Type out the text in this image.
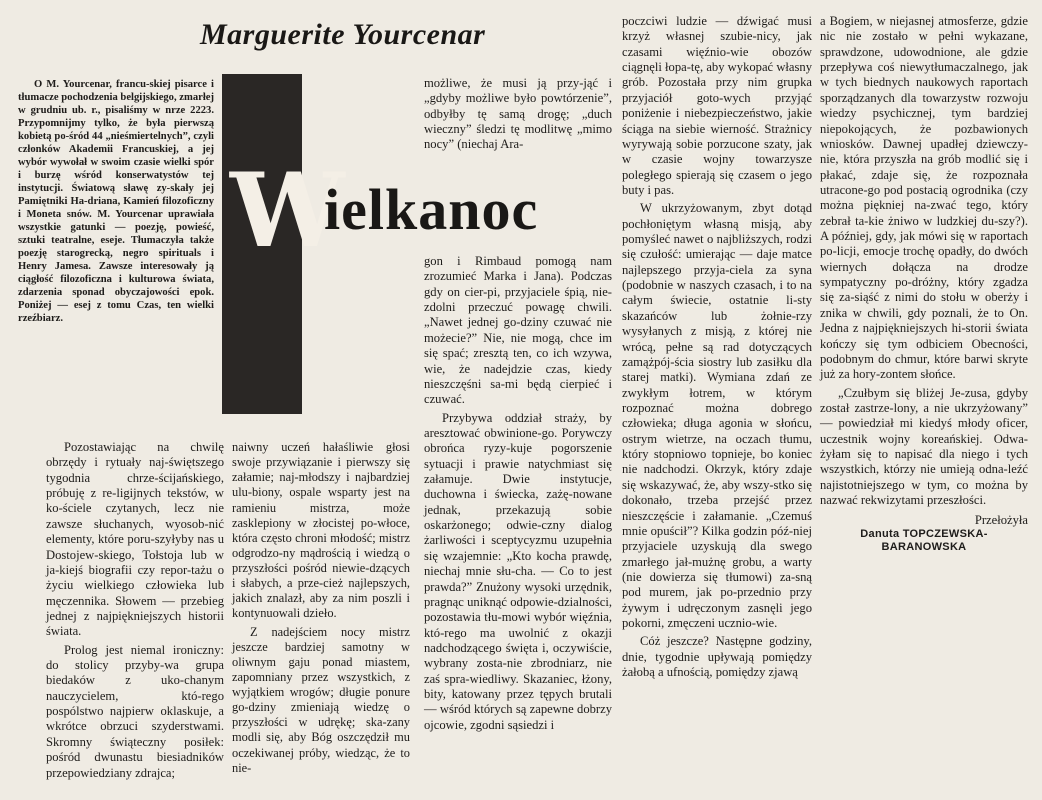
Marguerite Yourcenar

O M. Yourcenar, francu-skiej pisarce i tłumacze pochodzenia belgijskiego, zmarłej w grudniu ub. r., pisaliśmy w nrze 2223. Przypomnijmy tylko, że była pierwszą kobietą po-śród 44 „nieśmiertelnych”, czyli członków Akademii Francuskiej, a jej wybór wywołał w swoim czasie wielki spór i burzę wśród konserwatystów tej instytucji. Światową sławę zy-skały jej Pamiętniki Ha-driana, Kamień filozoficzny i Moneta snów. M. Yourcenar uprawiała wszystkie gatunki — poezję, powieść, sztuki teatralne, eseje. Tłumaczyła także poezję starogrecką, negro spirituals i Henry Jamesa. Zawsze interesowały ją ciągłość filozoficzna i kulturowa świata, zdarzenia sponad obyczajowości epok. Poniżej — esej z tomu Czas, ten wielki rzeźbiarz.

W
ielkanoc

Pozostawiając na chwilę obrzędy i rytuały naj-świętszego tygodnia chrze-ścijańskiego, próbuję z re-ligijnych tekstów, w ko-ściele czytanych, lecz nie zawsze słuchanych, wyosob-nić elementy, które poru-szyłyby nas u Dostojew-skiego, Tołstoja lub w ja-kiejś biografii czy repor-tażu o życiu wielkiego człowieka lub męczennika. Słowem — przebieg jednej z najpiękniejszych historii świata.

Prolog jest niemal ironiczny: do stolicy przyby-wa grupa biedaków z uko-chanym nauczycielem, któ-rego pospólstwo najpierw oklaskuje, a wkrótce obrzuci szyderstwami. Skromny świąteczny posiłek: pośród dwunastu biesiadników przepowiedziany zdrajca;

naiwny uczeń hałaśliwie głosi swoje przywiązanie i pierwszy się załamie; naj-młodszy i najbardziej ulu-biony, ospale wsparty jest na ramieniu mistrza, może zasklepiony w złocistej po-włoce, która często chroni młodość; mistrz odgrodzo-ny mądrością i wiedzą o przyszłości pośród niewie-dzących i słabych, a prze-cież najlepszych, jakich znalazł, aby za nim poszli i kontynuowali dzieło.

Z nadejściem nocy mistrz jeszcze bardziej samotny w oliwnym gaju ponad miastem, zapomniany przez wszystkich, z wyjątkiem wrogów; długie ponure go-dziny zmieniają wiedzę o przyszłości w udrękę; ska-zany modli się, aby Bóg oszczędził mu oczekiwanej próby, wiedząc, że to nie-

możliwe, że musi ją przy-jąć i „gdyby możliwe było powtórzenie”, odbyłby tę samą drogę; „duch wieczny” śledzi tę modlitwę „mimo nocy” (niechaj Ara-

gon i Rimbaud pomogą nam zrozumieć Marka i Jana). Podczas gdy on cier-pi, przyjaciele śpią, nie-zdolni przeczuć powagę chwili. „Nawet jednej go-dziny czuwać nie możecie?” Nie, nie mogą, chce im się spać; zresztą ten, co ich wzywa, wie, że nadejdzie czas, kiedy nieszczęśni sa-mi będą cierpieć i czuwać.

Przybywa oddział straży, by aresztować obwinione-go. Porywczy obrońca ryzy-kuje pogorszenie sytuacji i prawie natychmiast się załamuje. Dwie instytucje, duchowna i świecka, zażę-nowane jednak, przekazują sobie oskarżonego; odwie-czny dialog żarliwości i sceptycyzmu uzupełnia się wzajemnie: „Kto kocha prawdę, niechaj mnie słu-cha. — Co to jest prawda?” Znużony wysoki urzędnik, pragnąc uniknąć odpowie-dzialności, pozostawia tłu-mowi wybór więźnia, któ-rego ma uwolnić z okazji nadchodzącego święta i, oczywiście, wybrany zosta-nie zbrodniarz, nie zaś spra-wiedliwy. Skazaniec, łżony, bity, katowany przez tępych brutali — wśród których są zapewne dobrzy ojcowie, zgodni sąsiedzi i

poczciwi ludzie — dźwigać musi krzyż własnej szubie-nicy, jak czasami więźnio-wie obozów ciągnęli łopa-tę, aby wykopać własny grób. Pozostała przy nim grupka przyjaciół goto-wych przyjąć poniżenie i niebezpieczeństwo, jakie ściąga na siebie wierność. Strażnicy wyrywają sobie porzucone szaty, jak w czasie wojny towarzysze poległego spierają się czasem o jego buty i pas.

W ukrzyżowanym, zbyt dotąd pochłoniętym własną misją, aby pomyśleć nawet o najbliższych, rodzi się czułość: umierając — daje matce najlepszego przyja-ciela za syna (podobnie w naszych czasach, i to na całym świecie, ostatnie li-sty skazańców lub żołnie-rzy wysyłanych z misją, z której nie wrócą, pełne są rad dotyczących zamążpój-ścia siostry lub zasiłku dla starej matki). Wymiana zdań ze zwykłym łotrem, w którym rozpoznać można dobrego człowieka; długa agonia w słońcu, ostrym wietrze, na oczach tłumu, który stopniowo topnieje, bo koniec nie nadchodzi. Okrzyk, który zdaje się wskazywać, że, aby wszy-stko się dokonało, trzeba przejść przez nieszczęście i załamanie. „Czemuś mnie opuścił”? Kilka godzin póź-niej przyjaciele uzyskują dla swego zmarłego jał-mużnę grobu, a warty (nie dowierza się tłumowi) za-sną pod murem, jak po-przednio przy żywym i udręczonym zasnęli jego pokorni, zmęczeni ucznio-wie.

Cóż jeszcze? Następne godziny, dnie, tygodnie upływają pomiędzy żałobą a ufnością, pomiędzy zjawą

a Bogiem, w niejasnej atmosferze, gdzie nic nie zostało w pełni wykazane, sprawdzone, udowodnione, ale gdzie przepływa coś niewytłumaczalnego, jak w tych biednych naukowych raportach sporządzanych dla towarzystw rozwoju wiedzy psychicznej, tym bardziej niepokojących, że pozbawionych wniosków. Dawnej upadłej dziewczy-nie, która przyszła na grób modlić się i płakać, zdaje się, że rozpoznała utracone-go pod postacią ogrodnika (czy można piękniej na-zwać tego, który zebrał ta-kie żniwo w ludzkiej du-szy?). A później, gdy, jak mówi się w raportach po-licji, emocje trochę opadły, do dwóch wiernych dołącza na drodze sympatyczny po-dróżny, który zgadza się za-siąść z nimi do stołu w oberży i znika w chwili, gdy poznali, że to On. Jedna z najpiękniejszych hi-storii świata kończy się tym odbiciem Obecności, podobnym do chmur, które barwi skryte już za hory-zontem słońce.

„Czułbym się bliżej Je-zusa, gdyby został zastrze-lony, a nie ukrzyżowany” — powiedział mi kiedyś młody oficer, uczestnik wojny koreańskiej. Odwa-żyłam się to napisać dla niego i tych wszystkich, którzy nie umieją odna-leźć najistotniejszego w tym, co można by nazwać rekwizytami przeszłości.

Przełożyła
Danuta TOPCZEWSKA-BARANOWSKA
